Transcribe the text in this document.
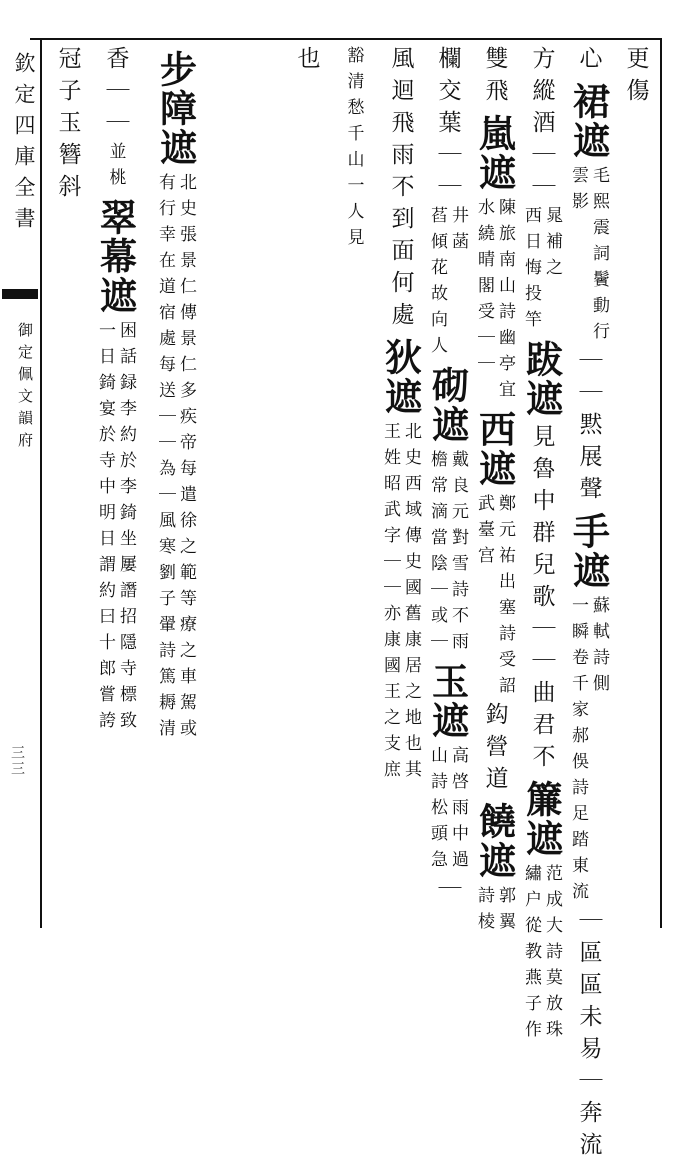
欽定四庫全書
御定佩文韻府
三三
更傷
心
裙遮
毛熙震詞鬢動行
雲影
｜｜黙展聲
手遮
蘇軾詩側
一瞬卷千家郝俁詩足踏東流
｜區區未易｜奔流
方縱酒｜｜
晁補之
西日悔投竿
跋遮
見魯中群兒歌｜｜曲君不
簾遮
范成大詩莫放珠
繡户從教燕子作
雙飛
嵐遮
陳旅南山詩幽亭宜
水繞晴閣受｜｜
西遮
鄭元祐出塞詩受詔
武臺宫
鈎營道
饒遮
郭翼
詩棱
欄交葉｜｜
井菡
萏傾花故向人
砌遮
戴良元對雪詩不雨
檐常滴當陰｜或｜
玉遮
高啓雨中過
山詩松頭急
｜
風迴飛雨不到面何處
狄遮
北史西域傳史國舊康居之地也其
王姓昭武字｜｜亦康國王之支庶
豁清愁千山一人見
也
步障遮
北史張景仁傳景仁多疾帝每遣徐之範等療之車駕或
有行幸在道宿處每送｜｜為｜風寒劉子翬詩篤耨清
香｜｜
並桃
翠幕遮
困話録李約於李錡坐屢譖招隱寺標致
一日錡宴於寺中明日謂約曰十郎嘗誇
冠子玉簪斜
